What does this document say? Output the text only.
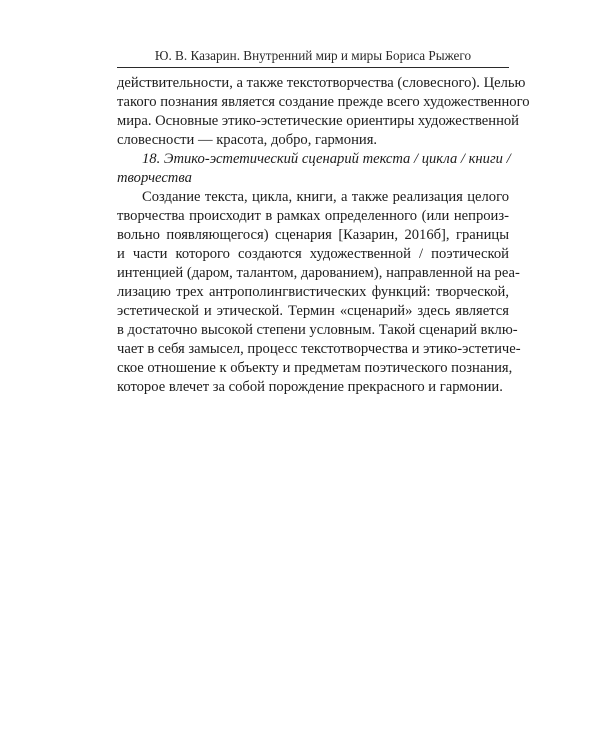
Ю. В. Казарин. Внутренний мир и миры Бориса Рыжего
действительности, а также текстотворчества (словесного). Целью
такого познания является создание прежде всего художественного
мира. Основные этико-эстетические ориентиры художественной
словесности — красота, добро, гармония.
18. Этико-эстетический сценарий текста / цикла / книги /
творчества
Создание текста, цикла, книги, а также реализация целого
творчества происходит в рамках определенного (или непроиз-
вольно появляющегося) сценария [Казарин, 2016б], границы
и части которого создаются художественной / поэтической
интенцией (даром, талантом, дарованием), направленной на реа-
лизацию трех антрополингвистических функций: творческой,
эстетической и этической. Термин «сценарий» здесь является
в достаточно высокой степени условным. Такой сценарий вклю-
чает в себя замысел, процесс текстотворчества и этико-эстетиче-
ское отношение к объекту и предметам поэтического познания,
которое влечет за собой порождение прекрасного и гармонии.
